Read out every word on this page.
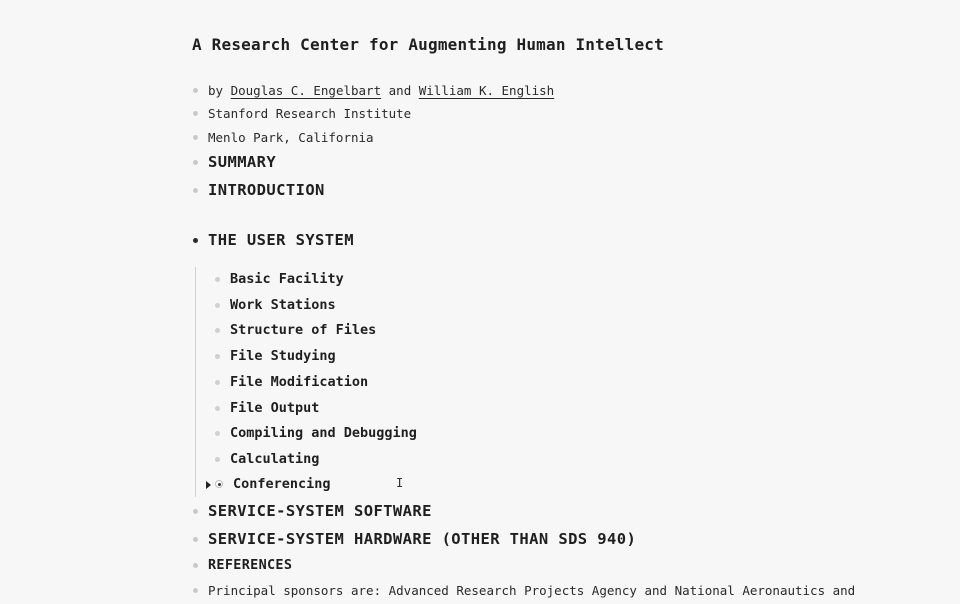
A Research Center for Augmenting Human Intellect
by
Douglas C. Engelbart
and
William K. English
Stanford Research Institute
Menlo Park, California
SUMMARY
INTRODUCTION
THE USER SYSTEM
Basic Facility
Work Stations
Structure of Files
File Studying
File Modification
File Output
Compiling and Debugging
Calculating
Conferencing
SERVICE-SYSTEM SOFTWARE
SERVICE-SYSTEM HARDWARE (OTHER THAN SDS 940)
REFERENCES
Principal sponsors are: Advanced Research Projects Agency and National Aeronautics and
I
